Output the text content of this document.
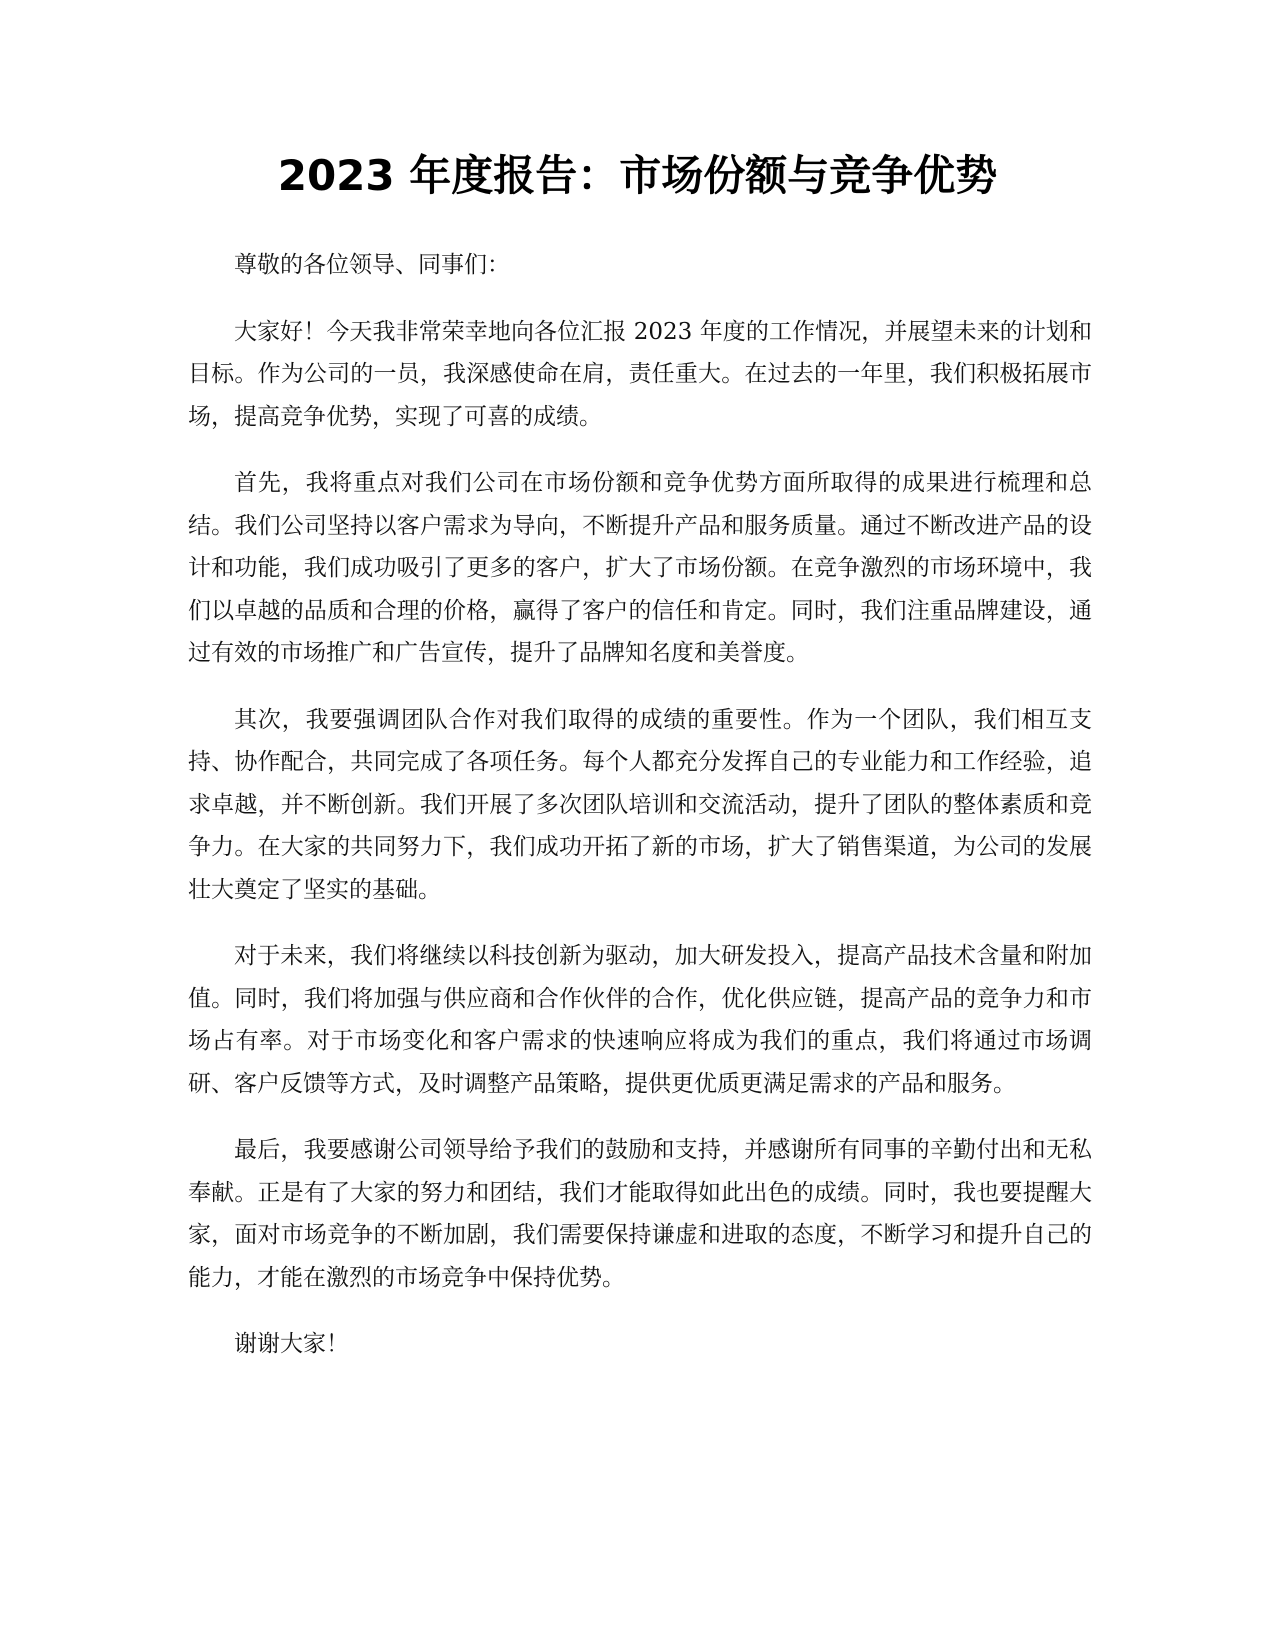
2023 年度报告：市场份额与竞争优势

尊敬的各位领导、同事们：

大家好！今天我非常荣幸地向各位汇报 2023 年度的工作情况，并展望未来的计划和目标。作为公司的一员，我深感使命在肩，责任重大。在过去的一年里，我们积极拓展市场，提高竞争优势，实现了可喜的成绩。

首先，我将重点对我们公司在市场份额和竞争优势方面所取得的成果进行梳理和总结。我们公司坚持以客户需求为导向，不断提升产品和服务质量。通过不断改进产品的设计和功能，我们成功吸引了更多的客户，扩大了市场份额。在竞争激烈的市场环境中，我们以卓越的品质和合理的价格，赢得了客户的信任和肯定。同时，我们注重品牌建设，通过有效的市场推广和广告宣传，提升了品牌知名度和美誉度。

其次，我要强调团队合作对我们取得的成绩的重要性。作为一个团队，我们相互支持、协作配合，共同完成了各项任务。每个人都充分发挥自己的专业能力和工作经验，追求卓越，并不断创新。我们开展了多次团队培训和交流活动，提升了团队的整体素质和竞争力。在大家的共同努力下，我们成功开拓了新的市场，扩大了销售渠道，为公司的发展壮大奠定了坚实的基础。

对于未来，我们将继续以科技创新为驱动，加大研发投入，提高产品技术含量和附加值。同时，我们将加强与供应商和合作伙伴的合作，优化供应链，提高产品的竞争力和市场占有率。对于市场变化和客户需求的快速响应将成为我们的重点，我们将通过市场调研、客户反馈等方式，及时调整产品策略，提供更优质更满足需求的产品和服务。

最后，我要感谢公司领导给予我们的鼓励和支持，并感谢所有同事的辛勤付出和无私奉献。正是有了大家的努力和团结，我们才能取得如此出色的成绩。同时，我也要提醒大家，面对市场竞争的不断加剧，我们需要保持谦虚和进取的态度，不断学习和提升自己的能力，才能在激烈的市场竞争中保持优势。

谢谢大家！
